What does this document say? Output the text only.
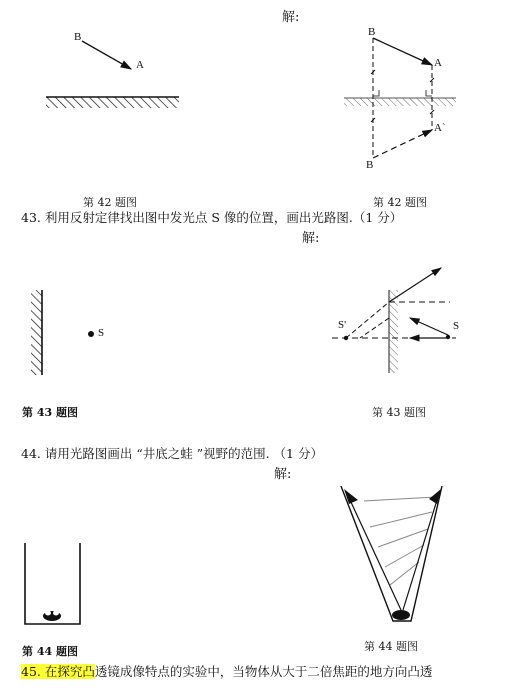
解:
解:
解:
B
A
B
A
A`
B
第 42 题图	第 42 题图
43. 利用反射定律找出图中发光点 S 像的位置，画出光路图.（1 分）
S
S'	S
第 43 题图	第 43 题图
44. 请用光路图画出 “井底之蛙 ”视野的范围. （1 分）
第 44 题图	第 44 题图
45. 在探究凸透镜成像特点的实验中，当物体从大于二倍焦距的地方向凸透
